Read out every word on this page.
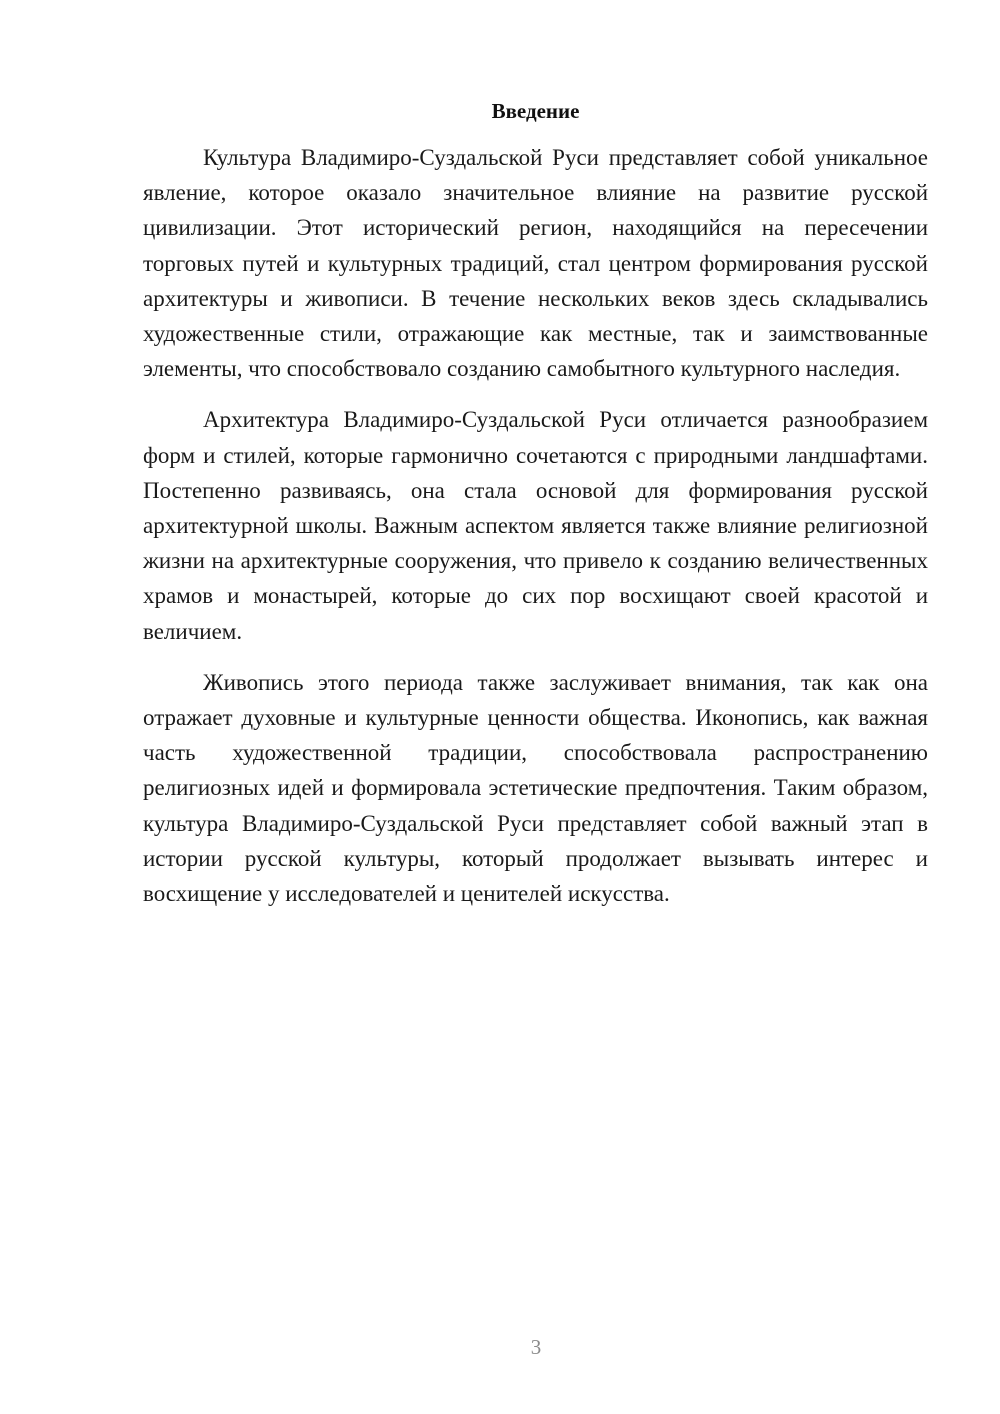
Введение

Культура Владимиро-Суздальской Руси представляет собой уникальное явление, которое оказало значительное влияние на развитие русской цивилизации. Этот исторический регион, находящийся на пересечении торговых путей и культурных традиций, стал центром формирования русской архитектуры и живописи. В течение нескольких веков здесь складывались художественные стили, отражающие как местные, так и заимствованные элементы, что способствовало созданию самобытного культурного наследия.

Архитектура Владимиро-Суздальской Руси отличается разнообразием форм и стилей, которые гармонично сочетаются с природными ландшафтами. Постепенно развиваясь, она стала основой для формирования русской архитектурной школы. Важным аспектом является также влияние религиозной жизни на архитектурные сооружения, что привело к созданию величественных храмов и монастырей, которые до сих пор восхищают своей красотой и величием.

Живопись этого периода также заслуживает внимания, так как она отражает духовные и культурные ценности общества. Иконопись, как важная часть художественной традиции, способствовала распространению религиозных идей и формировала эстетические предпочтения. Таким образом, культура Владимиро-Суздальской Руси представляет собой важный этап в истории русской культуры, который продолжает вызывать интерес и восхищение у исследователей и ценителей искусства.

3
